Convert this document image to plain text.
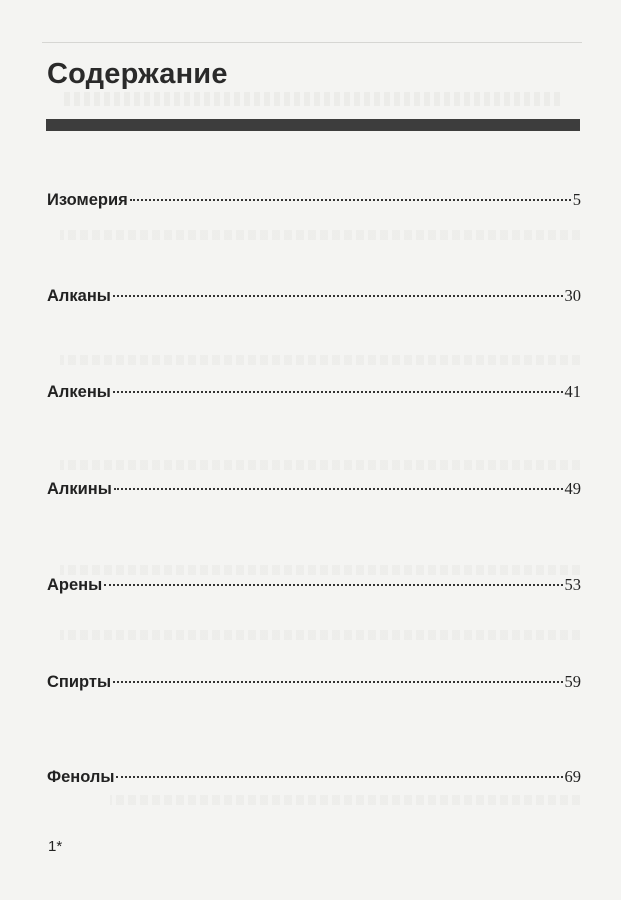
Содержание
Изомерия	5
Алканы	30
Алкены	41
Алкины	49
Арены	53
Спирты	59
Фенолы	69
1*
